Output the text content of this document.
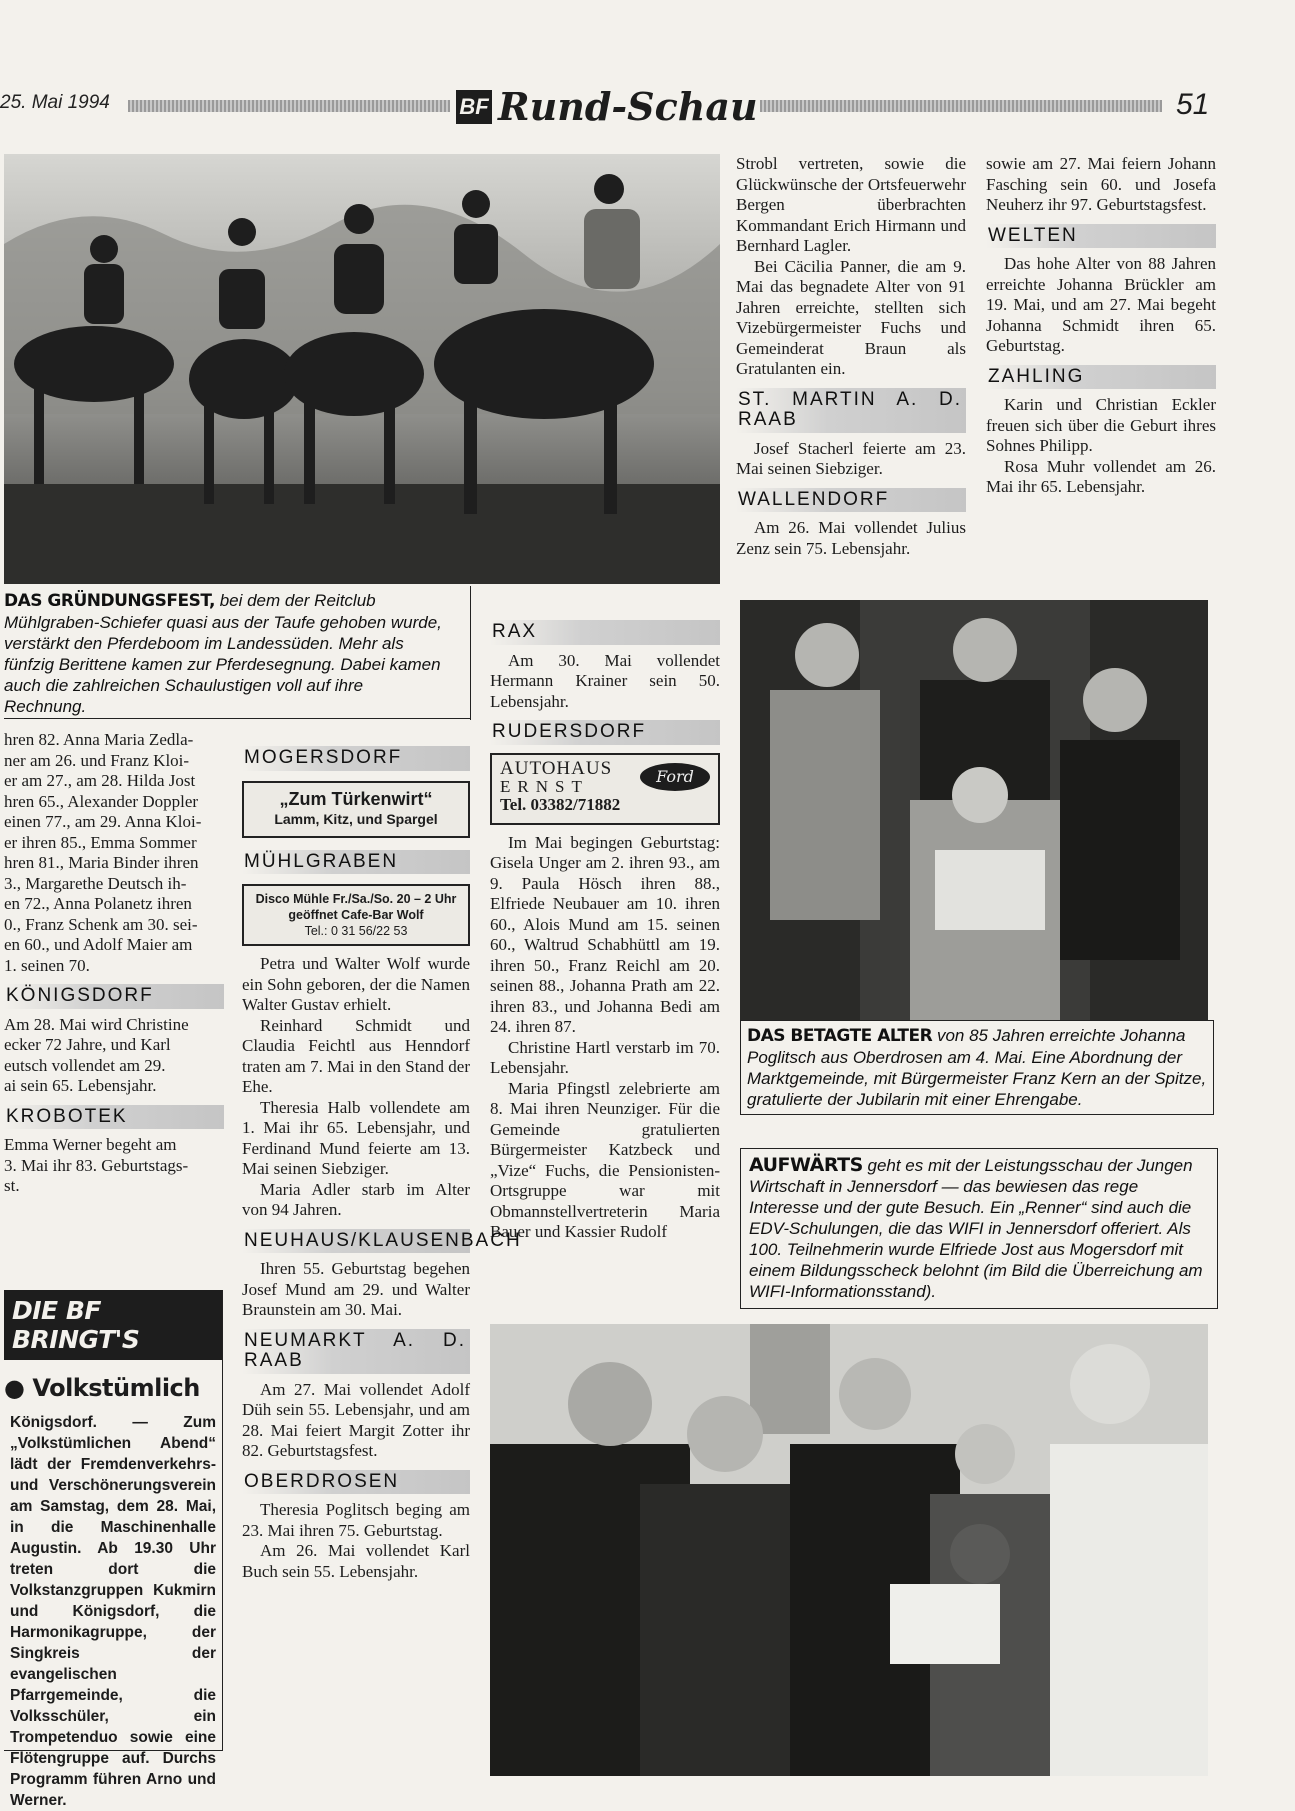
25. Mai 1994	BF Rund-Schau	51
DAS GRÜNDUNGSFEST, bei dem der Reitclub Mühlgraben-Schiefer quasi aus der Taufe gehoben wurde, verstärkt den Pferdeboom im Landessüden. Mehr als fünfzig Berittene kamen zur Pferdesegnung. Dabei kamen auch die zahlreichen Schaulustigen voll auf ihre Rechnung.

Strobl vertreten, sowie die Glückwünsche der Ortsfeuerwehr Bergen überbrachten Kommandant Erich Hirmann und Bernhard Lagler.

Bei Cäcilia Panner, die am 9. Mai das begnadete Alter von 91 Jahren erreichte, stellten sich Vizebürgermeister Fuchs und Gemeinderat Braun als Gratulanten ein.

ST. MARTIN A. D. RAAB

Josef Stacherl feierte am 23. Mai seinen Siebziger.

WALLENDORF

Am 26. Mai vollendet Julius Zenz sein 75. Lebensjahr.

sowie am 27. Mai feiern Johann Fasching sein 60. und Josefa Neuherz ihr 97. Geburtstagsfest.

WELTEN

Das hohe Alter von 88 Jahren erreichte Johanna Brückler am 19. Mai, und am 27. Mai begeht Johanna Schmidt ihren 65. Geburtstag.

ZAHLING

Karin und Christian Eckler freuen sich über die Geburt ihres Sohnes Philipp.

Rosa Muhr vollendet am 26. Mai ihr 65. Lebensjahr.

RAX

Am 30. Mai vollendet Hermann Krainer sein 50. Lebensjahr.

RUDERSDORF
AUTOHAUS
ERNST
Tel. 03382/71882
Ford

Im Mai begingen Geburtstag: Gisela Unger am 2. ihren 93., am 9. Paula Hösch ihren 88., Elfriede Neubauer am 10. ihren 60., Alois Mund am 15. seinen 60., Waltrud Schabhüttl am 19. ihren 50., Franz Reichl am 20. seinen 88., Johanna Prath am 22. ihren 83., und Johanna Bedi am 24. ihren 87.

Christine Hartl verstarb im 70. Lebensjahr.

Maria Pfingstl zelebrierte am 8. Mai ihren Neunziger. Für die Gemeinde gratulierten Bürgermeister Katzbeck und „Vize“ Fuchs, die Pensionisten-Ortsgruppe war mit Obmannstellvertreterin Maria Bauer und Kassier Rudolf

hren 82. Anna Maria Zedla-
ner am 26. und Franz Kloi-
er am 27., am 28. Hilda Jost
hren 65., Alexander Doppler
einen 77., am 29. Anna Kloi-
er ihren 85., Emma Sommer
hren 81., Maria Binder ihren
3., Margarethe Deutsch ih-
en 72., Anna Polanetz ihren
0., Franz Schenk am 30. sei-
en 60., und Adolf Maier am
1. seinen 70.
KÖNIGSDORF
Am 28. Mai wird Christine
ecker 72 Jahre, und Karl
eutsch vollendet am 29.
ai sein 65. Lebensjahr.
KROBOTEK
Emma Werner begeht am
3. Mai ihr 83. Geburtstags-
st.
DIE BF BRINGT'S
● Volkstümlich
Königsdorf. — Zum „Volkstümlichen Abend“ lädt der Fremdenverkehrs- und Verschönerungsverein am Samstag, dem 28. Mai, in die Maschinenhalle Augustin. Ab 19.30 Uhr treten dort die Volkstanzgruppen Kukmirn und Königsdorf, die Harmonikagruppe, der Singkreis der evangelischen Pfarrgemeinde, die Volksschüler, ein Trompetenduo sowie eine Flötengruppe auf. Durchs Programm führen Arno und Werner.
MOGERSDORF
„Zum Türkenwirt“
Lamm, Kitz, und Spargel
MÜHLGRABEN
Disco Mühle Fr./Sa./So. 20 – 2 Uhr
geöffnet Cafe-Bar Wolf
Tel.: 0 31 56/22 53

Petra und Walter Wolf wurde ein Sohn geboren, der die Namen Walter Gustav erhielt.

Reinhard Schmidt und Claudia Feichtl aus Henndorf traten am 7. Mai in den Stand der Ehe.

Theresia Halb vollendete am 1. Mai ihr 65. Lebensjahr, und Ferdinand Mund feierte am 13. Mai seinen Siebziger.

Maria Adler starb im Alter von 94 Jahren.

NEUHAUS/KLAUSENBACH

Ihren 55. Geburtstag begehen Josef Mund am 29. und Walter Braunstein am 30. Mai.

NEUMARKT A. D. RAAB

Am 27. Mai vollendet Adolf Düh sein 55. Lebensjahr, und am 28. Mai feiert Margit Zotter ihr 82. Geburtstagsfest.

OBERDROSEN

Theresia Poglitsch beging am 23. Mai ihren 75. Geburtstag.

Am 26. Mai vollendet Karl Buch sein 55. Lebensjahr.

DAS BETAGTE ALTER von 85 Jahren erreichte Johanna Poglitsch aus Oberdrosen am 4. Mai. Eine Abordnung der Marktgemeinde, mit Bürgermeister Franz Kern an der Spitze, gratulierte der Jubilarin mit einer Ehrengabe.
AUFWÄRTS geht es mit der Leistungsschau der Jungen Wirtschaft in Jennersdorf — das bewiesen das rege Interesse und der gute Besuch. Ein „Renner“ sind auch die EDV-Schulungen, die das WIFI in Jennersdorf offeriert. Als 100. Teilnehmerin wurde Elfriede Jost aus Mogersdorf mit einem Bildungsscheck belohnt (im Bild die Überreichung am WIFI-Informationsstand).
